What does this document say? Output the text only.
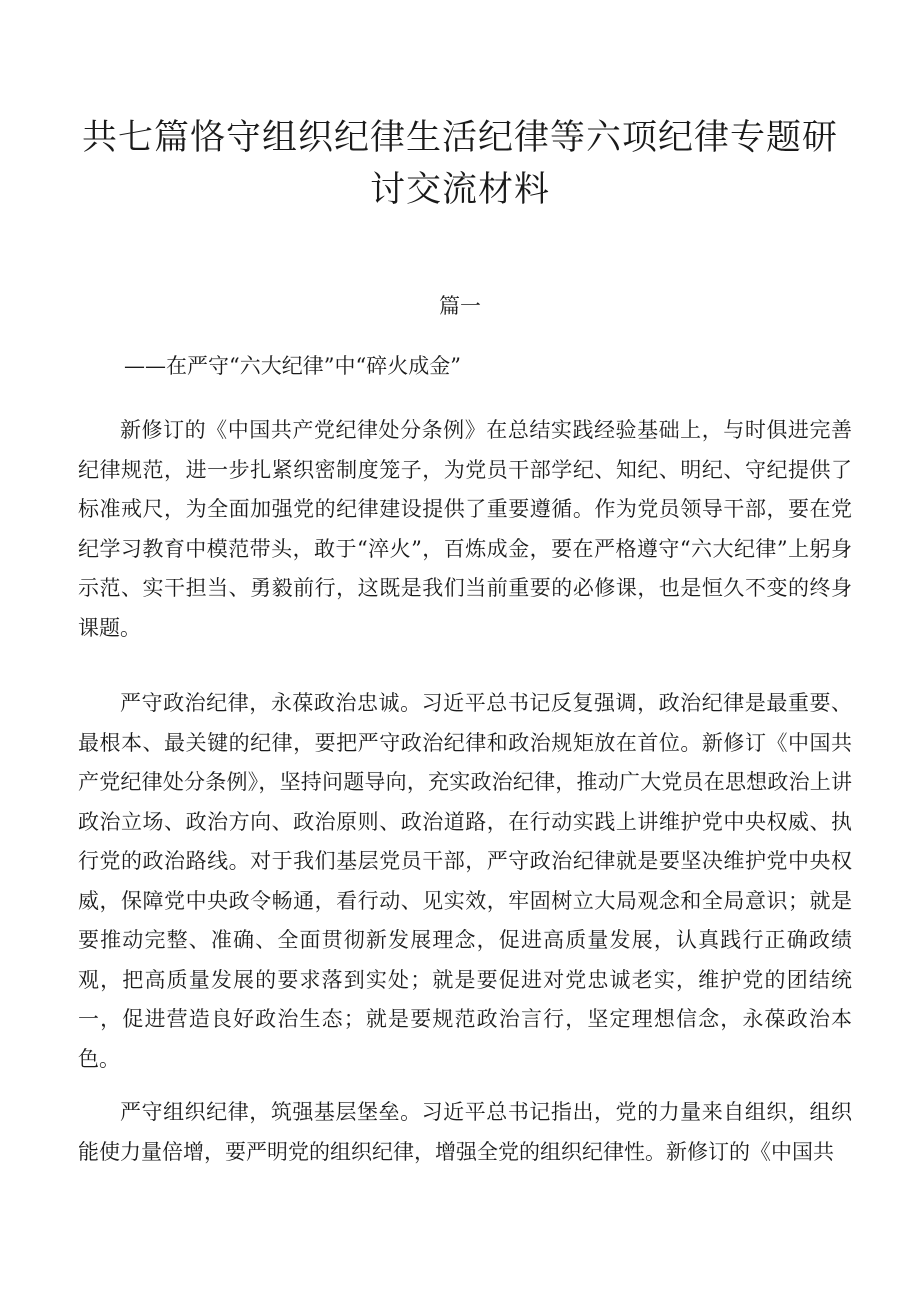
共七篇恪守组织纪律生活纪律等六项纪律专题研讨交流材料

篇一

——在严守“六大纪律”中“碎火成金”

新修订的《中国共产党纪律处分条例》在总结实践经验基础上，与时俱进完善纪律规范，进一步扎紧织密制度笼子，为党员干部学纪、知纪、明纪、守纪提供了标准戒尺，为全面加强党的纪律建设提供了重要遵循。作为党员领导干部，要在党纪学习教育中模范带头，敢于“淬火”，百炼成金，要在严格遵守“六大纪律”上躬身示范、实干担当、勇毅前行，这既是我们当前重要的必修课，也是恒久不变的终身课题。

严守政治纪律，永葆政治忠诚。习近平总书记反复强调，政治纪律是最重要、最根本、最关键的纪律，要把严守政治纪律和政治规矩放在首位。新修订《中国共产党纪律处分条例》，坚持问题导向，充实政治纪律，推动广大党员在思想政治上讲政治立场、政治方向、政治原则、政治道路，在行动实践上讲维护党中央权威、执行党的政治路线。对于我们基层党员干部，严守政治纪律就是要坚决维护党中央权威，保障党中央政令畅通，看行动、见实效，牢固树立大局观念和全局意识；就是要推动完整、准确、全面贯彻新发展理念，促进高质量发展，认真践行正确政绩观，把高质量发展的要求落到实处；就是要促进对党忠诚老实，维护党的团结统一，促进营造良好政治生态；就是要规范政治言行，坚定理想信念，永葆政治本色。

严守组织纪律，筑强基层堡垒。习近平总书记指出，党的力量来自组织，组织能使力量倍增，要严明党的组织纪律，增强全党的组织纪律性。新修订的《中国共
